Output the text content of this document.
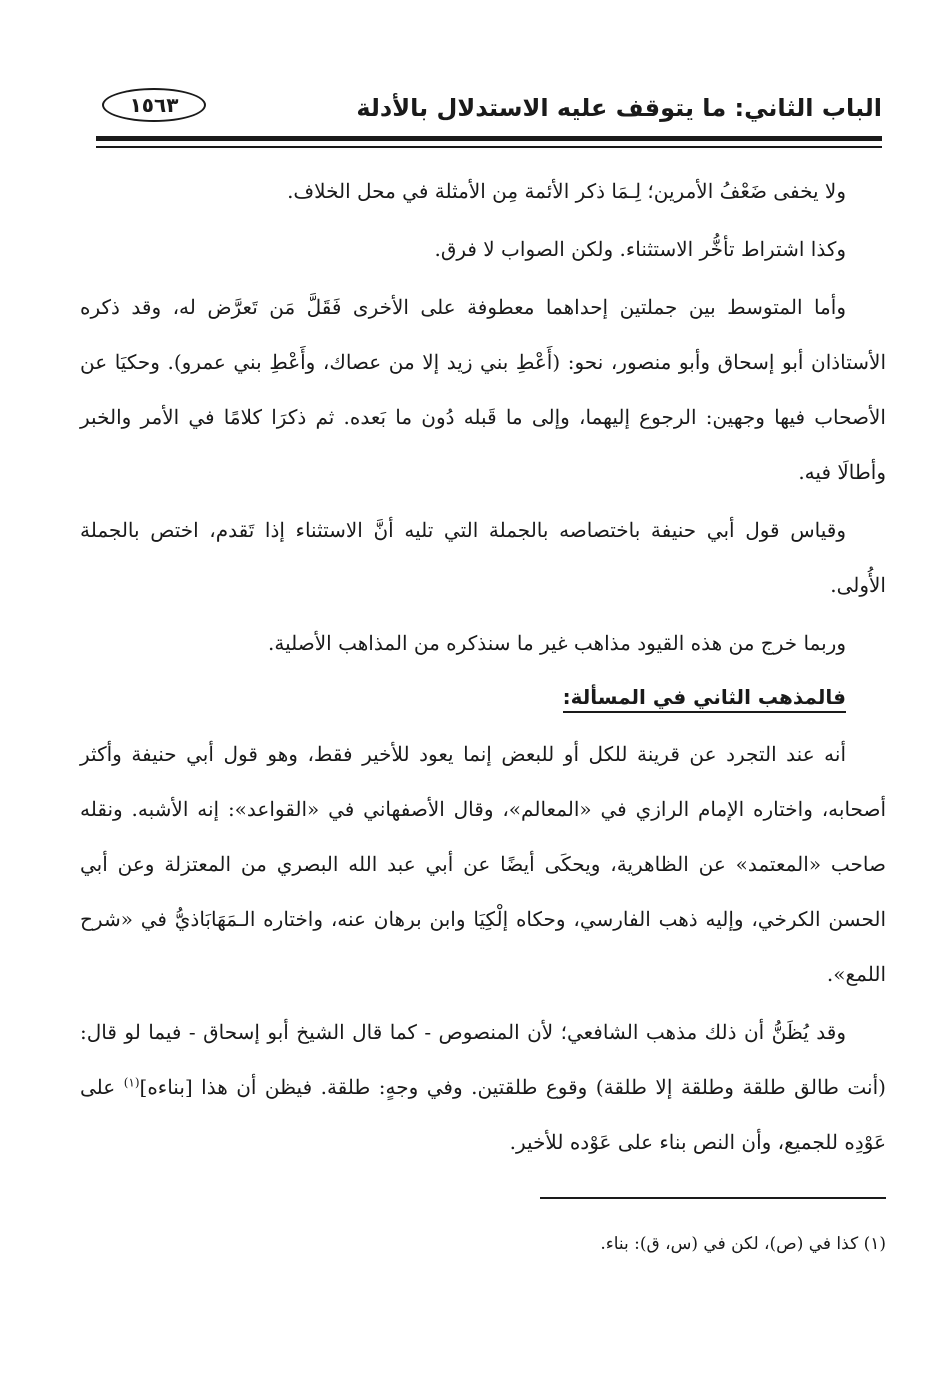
الباب الثاني: ما يتوقف عليه الاستدلال بالأدلة
١٥٦٣

ولا يخفى ضَعْفُ الأمرين؛ لِـمَا ذكر الأئمة مِن الأمثلة في محل الخلاف.

وكذا اشتراط تأخُّر الاستثناء. ولكن الصواب لا فرق.

وأما المتوسط بين جملتين إحداهما معطوفة على الأخرى فَقَلَّ مَن تَعرَّض له، وقد ذكره الأستاذان أبو إسحاق وأبو منصور، نحو: (أَعْطِ بني زيد إلا من عصاك، وأَعْطِ بني عمرو). وحكيَا عن الأصحاب فيها وجهين: الرجوع إليهما، وإلى ما قَبله دُون ما بَعده. ثم ذكرَا كلامًا في الأمر والخبر وأطالَا فيه.

وقياس قول أبي حنيفة باختصاصه بالجملة التي تليه أنَّ الاستثناء إذا تَقدم، اختص بالجملة الأُولى.

وربما خرج من هذه القيود مذاهب غير ما سنذكره من المذاهب الأصلية.

فالمذهب الثاني في المسألة:

أنه عند التجرد عن قرينة للكل أو للبعض إنما يعود للأخير فقط، وهو قول أبي حنيفة وأكثر أصحابه، واختاره الإمام الرازي في «المعالم»، وقال الأصفهاني في «القواعد»: إنه الأشبه. ونقله صاحب «المعتمد» عن الظاهرية، ويحكَى أيضًا عن أبي عبد الله البصري من المعتزلة وعن أبي الحسن الكرخي، وإليه ذهب الفارسي، وحكاه إلْكِيَا وابن برهان عنه، واختاره الـمَهَابَاذيُّ في «شرح اللمع».

وقد يُظَنُّ أن ذلك مذهب الشافعي؛ لأن المنصوص - كما قال الشيخ أبو إسحاق - فيما لو قال: (أنت طالق طلقة وطلقة إلا طلقة) وقوع طلقتين. وفي وجهٍ: طلقة. فيظن أن هذا [بناءه]$^{(١)}$ على عَوْدِه للجميع، وأن النص بناء على عَوْده للأخير.

(١) كذا في (ص)، لكن في (س، ق): بناء.
